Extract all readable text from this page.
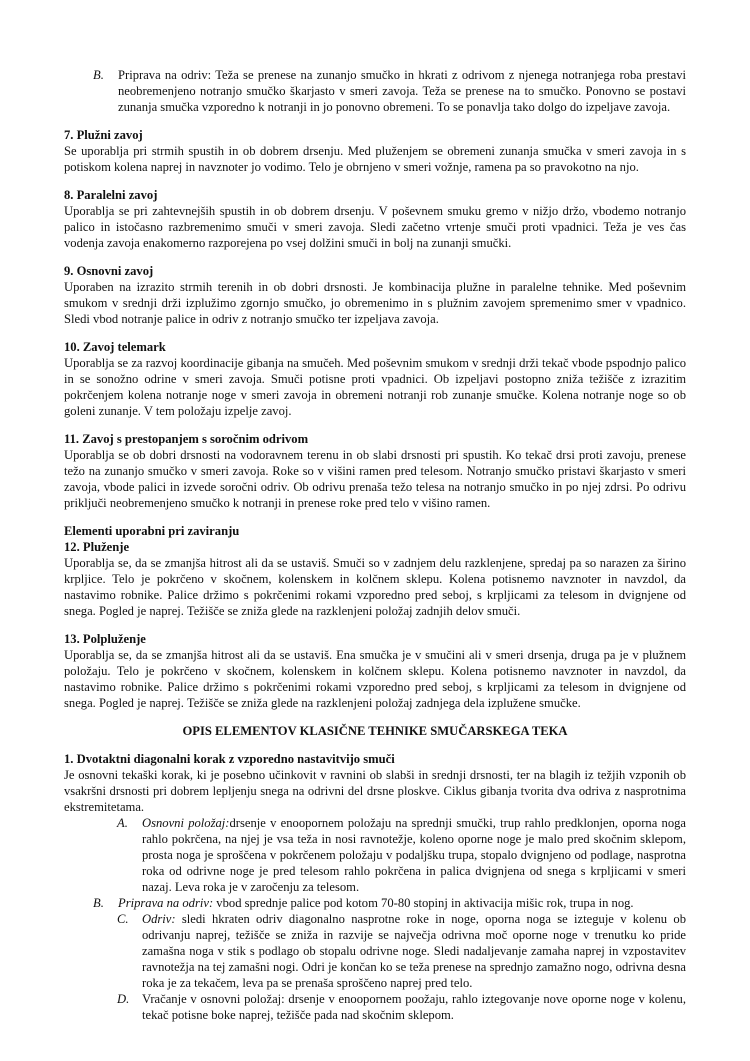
B. Priprava na odriv: Teža se prenese na zunanjo smučko in hkrati z odrivom z njenega notranjega roba prestavi neobremenjeno notranjo smučko škarjasto v smeri zavoja. Teža se prenese na to smučko. Ponovno se postavi zunanja smučka vzporedno k notranji in jo ponovno obremeni. To se ponavlja tako dolgo do izpeljave zavoja.

7. Plužni zavoj

Se uporablja pri strmih spustih in ob dobrem drsenju. Med pluženjem se obremeni zunanja smučka v smeri zavoja in s potiskom kolena naprej in navznoter jo vodimo. Telo je obrnjeno v smeri vožnje, ramena pa so pravokotno na njo.

8. Paralelni zavoj

Uporablja se pri zahtevnejših spustih in ob dobrem drsenju. V poševnem smuku gremo v nižjo držo, vbodemo notranjo palico in istočasno razbremenimo smuči v smeri zavoja. Sledi začetno vrtenje smuči proti vpadnici. Teža je ves čas vodenja zavoja enakomerno razporejena po vsej dolžini smuči in bolj na zunanji smučki.

9. Osnovni zavoj

Uporaben na izrazito strmih terenih in ob dobri drsnosti. Je kombinacija plužne in paralelne tehnike. Med poševnim smukom v srednji drži izplužimo zgornjo smučko, jo obremenimo in s plužnim zavojem spremenimo smer v vpadnico. Sledi vbod notranje palice in odriv z notranjo smučko ter izpeljava zavoja.

10. Zavoj telemark

Uporablja se za razvoj koordinacije gibanja na smučeh. Med poševnim smukom v srednji drži tekač vbode pspodnjo palico in se sonožno odrine v smeri zavoja. Smuči potisne proti vpadnici. Ob izpeljavi postopno zniža težišče z izrazitim pokrčenjem kolena notranje noge v smeri zavoja in obremeni notranji rob zunanje smučke. Kolena notranje noge so ob goleni zunanje. V tem položaju izpelje zavoj.

11. Zavoj s prestopanjem s soročnim odrivom

Uporablja se ob dobri drsnosti na vodoravnem terenu in ob slabi drsnosti pri spustih. Ko tekač drsi proti zavoju, prenese težo na zunanjo smučko v smeri zavoja. Roke so v višini ramen pred telesom. Notranjo smučko pristavi škarjasto v smeri zavoja, vbode palici in izvede soročni odriv. Ob odrivu prenaša težo telesa na notranjo smučko in po njej zdrsi. Po odrivu priključi neobremenjeno smučko k notranji in prenese roke pred telo v višino ramen.

Elementi uporabni pri zaviranju

12. Pluženje

Uporablja se, da se zmanjša hitrost ali da se ustaviš. Smuči so v zadnjem delu razklenjene, spredaj pa so narazen za širino krpljice. Telo je pokrčeno v skočnem, kolenskem in kolčnem sklepu. Kolena potisnemo navznoter in navzdol, da nastavimo robnike. Palice držimo s pokrčenimi rokami vzporedno pred seboj, s krpljicami za telesom in dvignjene od snega. Pogled je naprej. Težišče se zniža glede na razklenjeni položaj zadnjih delov smuči.

13. Polpluženje

Uporablja se, da se zmanjša hitrost ali da se ustaviš. Ena smučka je v smučini ali v smeri drsenja, druga pa je v plužnem položaju. Telo je pokrčeno v skočnem, kolenskem in kolčnem sklepu. Kolena potisnemo navznoter in navzdol, da nastavimo robnike. Palice držimo s pokrčenimi rokami vzporedno pred seboj, s krpljicami za telesom in dvignjene od snega. Pogled je naprej. Težišče se zniža glede na razklenjeni položaj zadnjega dela izplužene smučke.

OPIS ELEMENTOV KLASIČNE TEHNIKE SMUČARSKEGA TEKA

1. Dvotaktni diagonalni korak z vzporedno nastavitvijo smuči

Je osnovni tekaški korak, ki je posebno učinkovit v ravnini ob slabši in srednji drsnosti, ter na blagih iz težjih vzponih ob vsakršni drsnosti pri dobrem lepljenju snega na odrivni del drsne ploskve. Ciklus gibanja tvorita dva odriva z nasprotnima ekstremitetama.

A. Osnovni položaj:drsenje v enoopornem položaju na sprednji smučki, trup rahlo predklonjen, oporna noga rahlo pokrčena, na njej je vsa teža in nosi ravnotežje, koleno oporne noge je malo pred skočnim sklepom, prosta noga je sproščena v pokrčenem položaju v podaljšku trupa, stopalo dvignjeno od podlage, nasprotna roka od odrivne noge je pred telesom rahlo pokrčena in palica dvignjena od snega s krpljicami v smeri nazaj. Leva roka je v zaročenju za telesom.
B. Priprava na odriv: vbod sprednje palice pod kotom 70-80 stopinj in aktivacija mišic rok, trupa in nog.
C. Odriv: sledi hkraten odriv diagonalno nasprotne roke in noge, oporna noga se izteguje v kolenu ob odrivanju naprej, težišče se zniža in razvije se največja odrivna moč oporne noge v trenutku ko pride zamašna noga v stik s podlago ob stopalu odrivne noge. Sledi nadaljevanje zamaha naprej in vzpostavitev ravnotežja na tej zamašni nogi. Odri je končan ko se teža prenese na sprednjo zamažno nogo, odrivna desna roka je za tekačem, leva pa se prenaša sproščeno naprej pred telo.
D. Vračanje v osnovni položaj: drsenje v enoopornem poožaju, rahlo iztegovanje nove oporne noge v kolenu, tekač potisne boke naprej, težišče pada nad skočnim sklepom.
